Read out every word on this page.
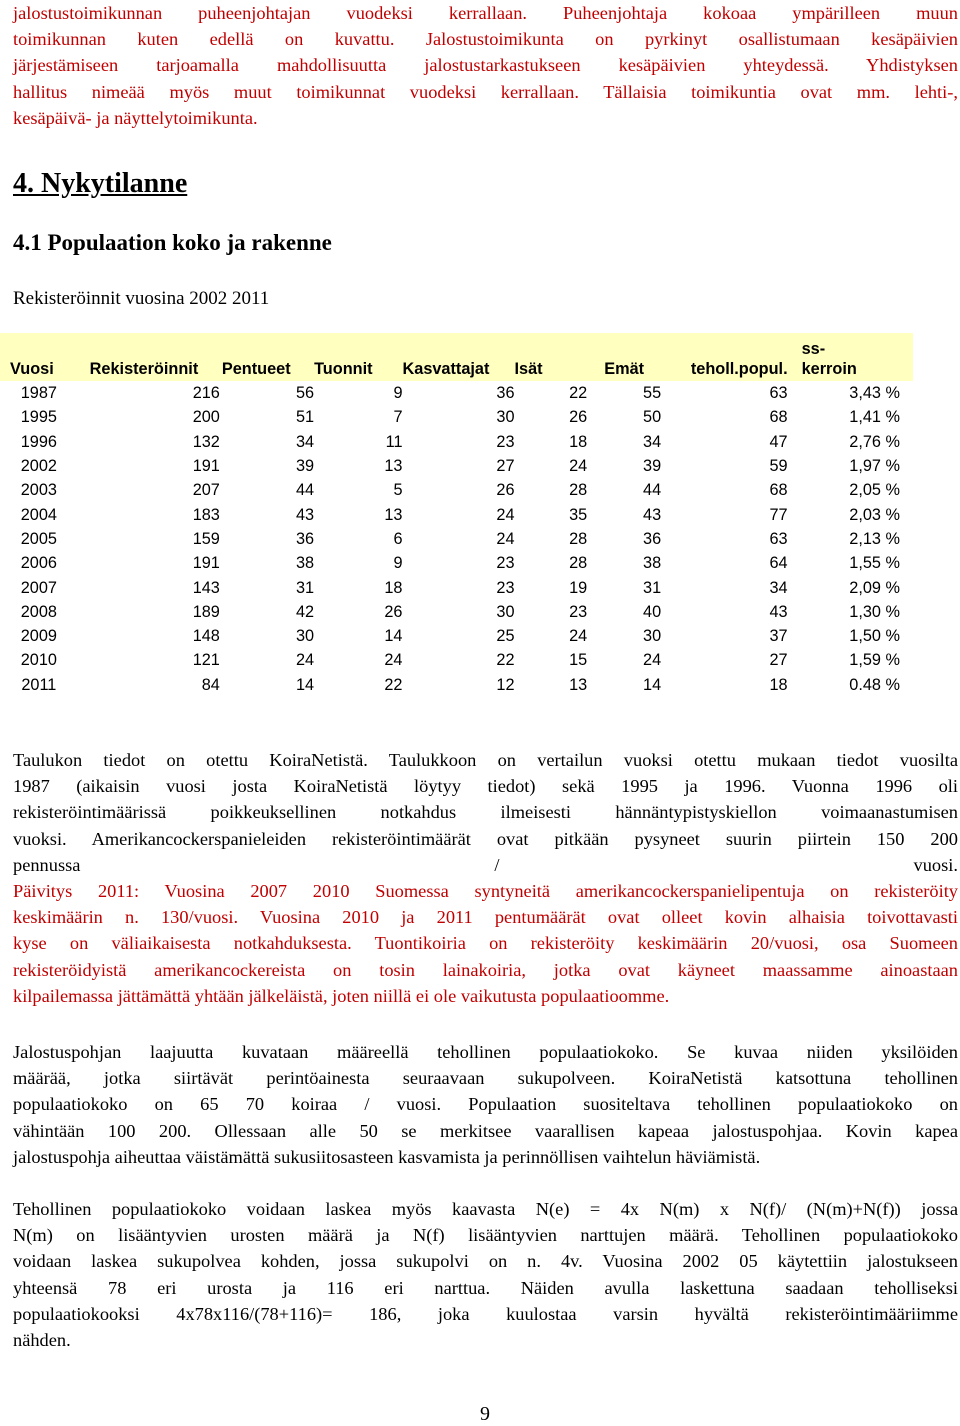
jalostustoimikunnan puheenjohtajan vuodeksi kerrallaan. Puheenjohtaja kokoaa ympärilleen muun
toimikunnan kuten edellä on kuvattu. Jalostustoimikunta on pyrkinyt osallistumaan kesäpäivien
järjestämiseen tarjoamalla mahdollisuutta jalostustarkastukseen kesäpäivien yhteydessä. Yhdistyksen
hallitus nimeää myös muut toimikunnat vuodeksi kerrallaan. Tällaisia toimikuntia ovat mm. lehti-,
kesäpäivä- ja näyttelytoimikunta.
4. Nykytilanne
4.1 Populaation koko ja rakenne

Rekisteröinnit vuosina 2002 2011

Vuosi	Rekisteröinnit	Pentueet	Tuonnit	Kasvattajat	Isät	Emät	teholl.popul.	ss-
kerroin

1987	216	56	9	36	22	55	63	3,43 %
1995	200	51	7	30	26	50	68	1,41 %
1996	132	34	11	23	18	34	47	2,76 %
2002	191	39	13	27	24	39	59	1,97 %
2003	207	44	5	26	28	44	68	2,05 %
2004	183	43	13	24	35	43	77	2,03 %
2005	159	36	6	24	28	36	63	2,13 %
2006	191	38	9	23	28	38	64	1,55 %
2007	143	31	18	23	19	31	34	2,09 %
2008	189	42	26	30	23	40	43	1,30 %
2009	148	30	14	25	24	30	37	1,50 %
2010	121	24	24	22	15	24	27	1,59 %
2011	84	14	22	12	13	14	18	0.48 %
Taulukon tiedot on otettu KoiraNetistä. Taulukkoon on vertailun vuoksi otettu mukaan tiedot vuosilta
1987 (aikaisin vuosi josta KoiraNetistä löytyy tiedot) sekä 1995 ja 1996. Vuonna 1996 oli
rekisteröintimäärissä poikkeuksellinen notkahdus ilmeisesti hännäntypistyskiellon voimaanastumisen
vuoksi. Amerikancockerspanieleiden rekisteröintimäärät ovat pitkään pysyneet suurin piirtein 150 200
pennussa / vuosi.
Päivitys 2011: Vuosina 2007 2010 Suomessa syntyneitä amerikancockerspanielipentuja on rekisteröity
keskimäärin n. 130/vuosi. Vuosina 2010 ja 2011 pentumäärät ovat olleet kovin alhaisia toivottavasti
kyse on väliaikaisesta notkahduksesta. Tuontikoiria on rekisteröity keskimäärin 20/vuosi, osa Suomeen
rekisteröidyistä amerikancockereista on tosin lainakoiria, jotka ovat käyneet maassamme ainoastaan
kilpailemassa jättämättä yhtään jälkeläistä, joten niillä ei ole vaikutusta populaatioomme.
Jalostuspohjan laajuutta kuvataan määreellä tehollinen populaatiokoko. Se kuvaa niiden yksilöiden
määrää, jotka siirtävät perintöainesta seuraavaan sukupolveen. KoiraNetistä katsottuna tehollinen
populaatiokoko on 65 70 koiraa / vuosi. Populaation suositeltava tehollinen populaatiokoko on
vähintään 100 200. Ollessaan alle 50 se merkitsee vaarallisen kapeaa jalostuspohjaa. Kovin kapea
jalostuspohja aiheuttaa väistämättä sukusiitosasteen kasvamista ja perinnöllisen vaihtelun häviämistä.
Tehollinen populaatiokoko voidaan laskea myös kaavasta N(e) = 4x N(m) x N(f)/ (N(m)+N(f)) jossa
N(m) on lisääntyvien urosten määrä ja N(f) lisääntyvien narttujen määrä. Tehollinen populaatiokoko
voidaan laskea sukupolvea kohden, jossa sukupolvi on n. 4v. Vuosina 2002 05 käytettiin jalostukseen
yhteensä 78 eri urosta ja 116 eri narttua. Näiden avulla laskettuna saadaan teholliseksi
populaatiokooksi 4x78x116/(78+116)= 186, joka kuulostaa varsin hyvältä rekisteröintimääriimme
nähden.
9
